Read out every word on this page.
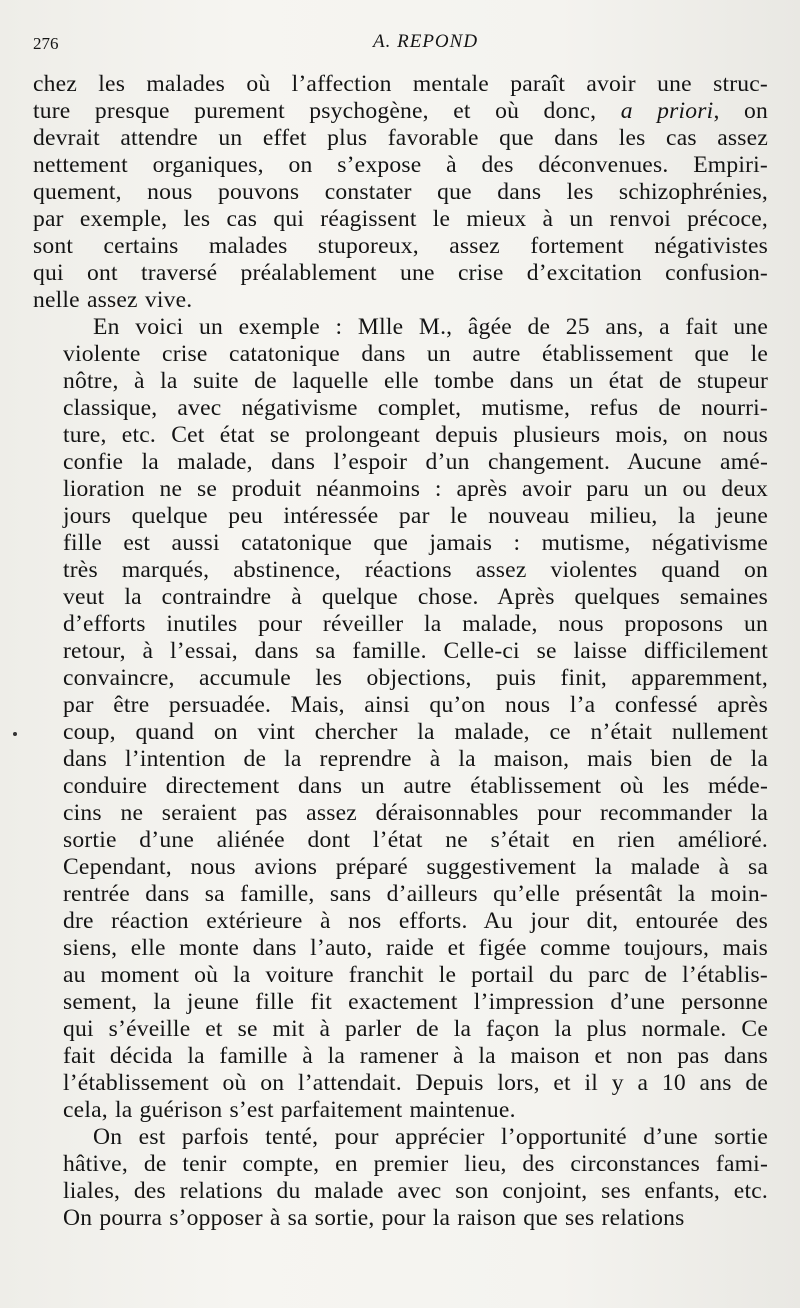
276	A. REPOND
chez les malades où l’affection mentale paraît avoir une struc-
ture presque purement psychogène, et où donc, a priori, on
devrait attendre un effet plus favorable que dans les cas assez
nettement organiques, on s’expose à des déconvenues. Empiri-
quement, nous pouvons constater que dans les schizophrénies,
par exemple, les cas qui réagissent le mieux à un renvoi précoce,
sont certains malades stuporeux, assez fortement négativistes
qui ont traversé préalablement une crise d’excitation confusion-
nelle assez vive.
En voici un exemple : Mlle M., âgée de 25 ans, a fait une
violente crise catatonique dans un autre établissement que le
nôtre, à la suite de laquelle elle tombe dans un état de stupeur
classique, avec négativisme complet, mutisme, refus de nourri-
ture, etc. Cet état se prolongeant depuis plusieurs mois, on nous
confie la malade, dans l’espoir d’un changement. Aucune amé-
lioration ne se produit néanmoins : après avoir paru un ou deux
jours quelque peu intéressée par le nouveau milieu, la jeune
fille est aussi catatonique que jamais : mutisme, négativisme
très marqués, abstinence, réactions assez violentes quand on
veut la contraindre à quelque chose. Après quelques semaines
d’efforts inutiles pour réveiller la malade, nous proposons un
retour, à l’essai, dans sa famille. Celle-ci se laisse difficilement
convaincre, accumule les objections, puis finit, apparemment,
par être persuadée. Mais, ainsi qu’on nous l’a confessé après
coup, quand on vint chercher la malade, ce n’était nullement
dans l’intention de la reprendre à la maison, mais bien de la
conduire directement dans un autre établissement où les méde-
cins ne seraient pas assez déraisonnables pour recommander la
sortie d’une aliénée dont l’état ne s’était en rien amélioré.
Cependant, nous avions préparé suggestivement la malade à sa
rentrée dans sa famille, sans d’ailleurs qu’elle présentât la moin-
dre réaction extérieure à nos efforts. Au jour dit, entourée des
siens, elle monte dans l’auto, raide et figée comme toujours, mais
au moment où la voiture franchit le portail du parc de l’établis-
sement, la jeune fille fit exactement l’impression d’une personne
qui s’éveille et se mit à parler de la façon la plus normale. Ce
fait décida la famille à la ramener à la maison et non pas dans
l’établissement où on l’attendait. Depuis lors, et il y a 10 ans de
cela, la guérison s’est parfaitement maintenue.
On est parfois tenté, pour apprécier l’opportunité d’une sortie
hâtive, de tenir compte, en premier lieu, des circonstances fami-
liales, des relations du malade avec son conjoint, ses enfants, etc.
On pourra s’opposer à sa sortie, pour la raison que ses relations
